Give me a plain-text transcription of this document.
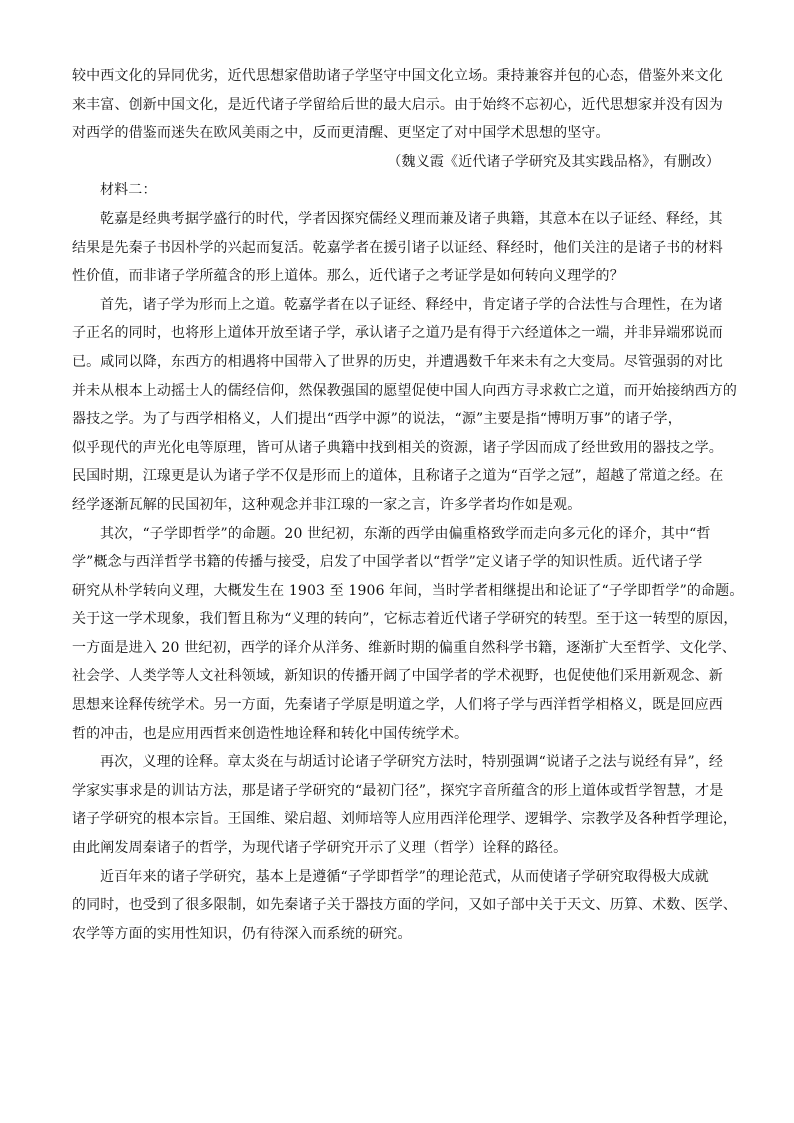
较中西文化的异同优劣，近代思想家借助诸子学坚守中国文化立场。秉持兼容并包的心态，借鉴外来文化
来丰富、创新中国文化，是近代诸子学留给后世的最大启示。由于始终不忘初心，近代思想家并没有因为
对西学的借鉴而迷失在欧风美雨之中，反而更清醒、更坚定了对中国学术思想的坚守。
（魏义霞《近代诸子学研究及其实践品格》，有删改）
材料二：
乾嘉是经典考据学盛行的时代，学者因探究儒经义理而兼及诸子典籍，其意本在以子证经、释经，其
结果是先秦子书因朴学的兴起而复活。乾嘉学者在援引诸子以证经、释经时，他们关注的是诸子书的材料
性价值，而非诸子学所蕴含的形上道体。那么，近代诸子之考证学是如何转向义理学的？
首先，诸子学为形而上之道。乾嘉学者在以子证经、释经中，肯定诸子学的合法性与合理性，在为诸
子正名的同时，也将形上道体开放至诸子学，承认诸子之道乃是有得于六经道体之一端，并非异端邪说而
已。咸同以降，东西方的相遇将中国带入了世界的历史，并遭遇数千年来未有之大变局。尽管强弱的对比
并未从根本上动摇士人的儒经信仰，然保教强国的愿望促使中国人向西方寻求救亡之道，而开始接纳西方的
器技之学。为了与西学相格义，人们提出“西学中源”的说法，“源”主要是指“博明万事”的诸子学，
似乎现代的声光化电等原理，皆可从诸子典籍中找到相关的资源，诸子学因而成了经世致用的器技之学。
民国时期，江瑔更是认为诸子学不仅是形而上的道体，且称诸子之道为“百学之冠”，超越了常道之经。在
经学逐渐瓦解的民国初年，这种观念并非江瑔的一家之言，许多学者均作如是观。
其次，“子学即哲学”的命题。20 世纪初，东渐的西学由偏重格致学而走向多元化的译介，其中“哲
学”概念与西洋哲学书籍的传播与接受，启发了中国学者以“哲学”定义诸子学的知识性质。近代诸子学
研究从朴学转向义理，大概发生在 1903 至 1906 年间，当时学者相继提出和论证了“子学即哲学”的命题。
关于这一学术现象，我们暂且称为“义理的转向”，它标志着近代诸子学研究的转型。至于这一转型的原因，
一方面是进入 20 世纪初，西学的译介从洋务、维新时期的偏重自然科学书籍，逐渐扩大至哲学、文化学、
社会学、人类学等人文社科领域，新知识的传播开阔了中国学者的学术视野，也促使他们采用新观念、新
思想来诠释传统学术。另一方面，先秦诸子学原是明道之学，人们将子学与西洋哲学相格义，既是回应西
哲的冲击，也是应用西哲来创造性地诠释和转化中国传统学术。
再次，义理的诠释。章太炎在与胡适讨论诸子学研究方法时，特别强调“说诸子之法与说经有异”，经
学家实事求是的训诂方法，那是诸子学研究的“最初门径”，探究字音所蕴含的形上道体或哲学智慧，才是
诸子学研究的根本宗旨。王国维、梁启超、刘师培等人应用西洋伦理学、逻辑学、宗教学及各种哲学理论，
由此阐发周秦诸子的哲学，为现代诸子学研究开示了义理（哲学）诠释的路径。
近百年来的诸子学研究，基本上是遵循“子学即哲学”的理论范式，从而使诸子学研究取得极大成就
的同时，也受到了很多限制，如先秦诸子关于器技方面的学问，又如子部中关于天文、历算、术数、医学、
农学等方面的实用性知识，仍有待深入而系统的研究。
